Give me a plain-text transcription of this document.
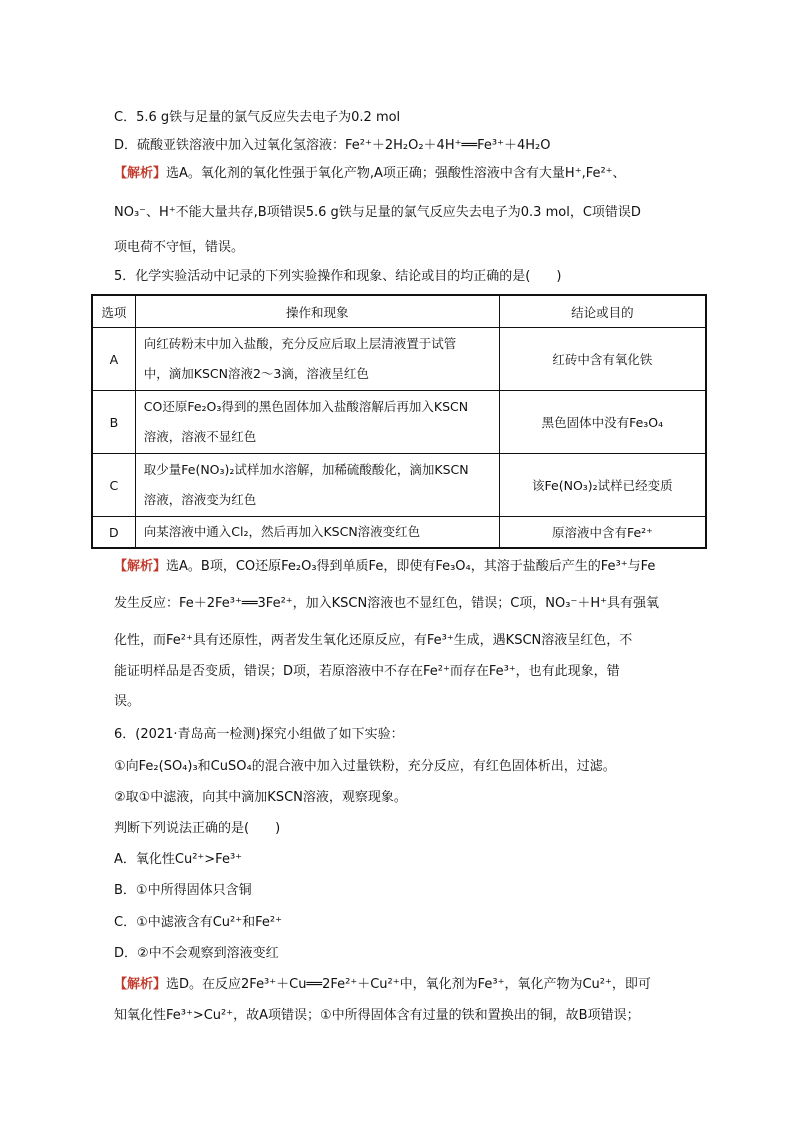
C．5.6 g铁与足量的氯气反应失去电子为0.2 mol
D．硫酸亚铁溶液中加入过氧化氢溶液：Fe²⁺＋2H₂O₂＋4H⁺══Fe³⁺＋4H₂O
【解析】选A。氧化剂的氧化性强于氧化产物,A项正确；强酸性溶液中含有大量H⁺,Fe²⁺、
NO₃⁻、H⁺不能大量共存,B项错误5.6 g铁与足量的氯气反应失去电子为0.3 mol，C项错误D
项电荷不守恒，错误。
5．化学实验活动中记录的下列实验操作和现象、结论或目的均正确的是(　　)
选项	操作和现象	结论或目的
A	向红砖粉末中加入盐酸，充分反应后取上层清液置于试管
中，滴加KSCN溶液2～3滴，溶液呈红色	红砖中含有氧化铁
B	CO还原Fe₂O₃得到的黑色固体加入盐酸溶解后再加入KSCN
溶液，溶液不显红色	黑色固体中没有Fe₃O₄
C	取少量Fe(NO₃)₂试样加水溶解，加稀硫酸酸化，滴加KSCN
溶液，溶液变为红色	该Fe(NO₃)₂试样已经变质
D	向某溶液中通入Cl₂，然后再加入KSCN溶液变红色	原溶液中含有Fe²⁺
【解析】选A。B项，CO还原Fe₂O₃得到单质Fe，即使有Fe₃O₄，其溶于盐酸后产生的Fe³⁺与Fe
发生反应：Fe＋2Fe³⁺══3Fe²⁺，加入KSCN溶液也不显红色，错误；C项，NO₃⁻＋H⁺具有强氧
化性，而Fe²⁺具有还原性，两者发生氧化还原反应，有Fe³⁺生成，遇KSCN溶液呈红色，不
能证明样品是否变质，错误；D项，若原溶液中不存在Fe²⁺而存在Fe³⁺，也有此现象，错
误。
6．(2021·青岛高一检测)探究小组做了如下实验：
①向Fe₂(SO₄)₃和CuSO₄的混合液中加入过量铁粉，充分反应，有红色固体析出，过滤。
②取①中滤液，向其中滴加KSCN溶液，观察现象。
判断下列说法正确的是(　　)
A．氧化性Cu²⁺>Fe³⁺
B．①中所得固体只含铜
C．①中滤液含有Cu²⁺和Fe²⁺
D．②中不会观察到溶液变红
【解析】选D。在反应2Fe³⁺＋Cu══2Fe²⁺＋Cu²⁺中，氧化剂为Fe³⁺，氧化产物为Cu²⁺，即可
知氧化性Fe³⁺>Cu²⁺，故A项错误；①中所得固体含有过量的铁和置换出的铜，故B项错误；
